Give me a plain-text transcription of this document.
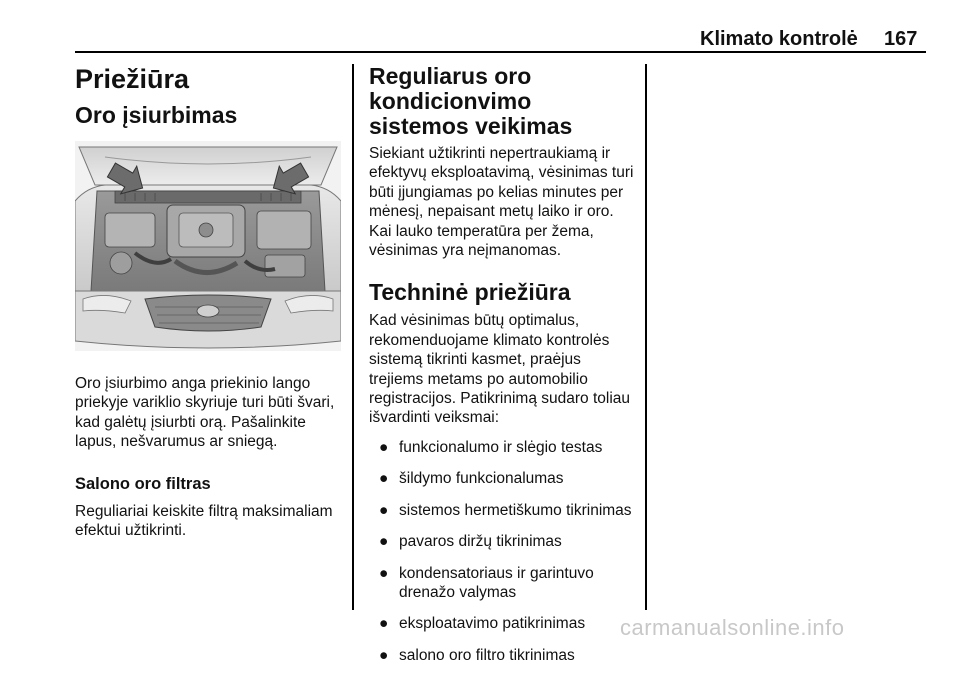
Klimato kontrolė 167
Priežiūra
Oro įsiurbimas

Oro įsiurbimo anga priekinio lango priekyje variklio skyriuje turi būti švari, kad galėtų įsiurbti orą. Pašalinkite lapus, nešvarumus ar sniegą.

Salono oro filtras

Reguliariai keiskite filtrą maksimaliam efektui užtikrinti.

Reguliarus oro kondicionvimo sistemos veikimas

Siekiant užtikrinti nepertraukiamą ir efektyvų eksploatavimą, vėsinimas turi būti įjungiamas po kelias minutes per mėnesį, nepaisant metų laiko ir oro. Kai lauko temperatūra per žema, vėsinimas yra neįmanomas.

Techninė priežiūra

Kad vėsinimas būtų optimalus, rekomenduojame klimato kontrolės sistemą tikrinti kasmet, praėjus trejiems metams po automobilio registracijos. Patikrinimą sudaro toliau išvardinti veiksmai:

● funkcionalumo ir slėgio testas
● šildymo funkcionalumas
● sistemos hermetiškumo tikrinimas
● pavaros diržų tikrinimas
● kondensatoriaus ir garintuvo drenažo valymas
● eksploatavimo patikrinimas
● salono oro filtro tikrinimas
carmanualsonline.info
